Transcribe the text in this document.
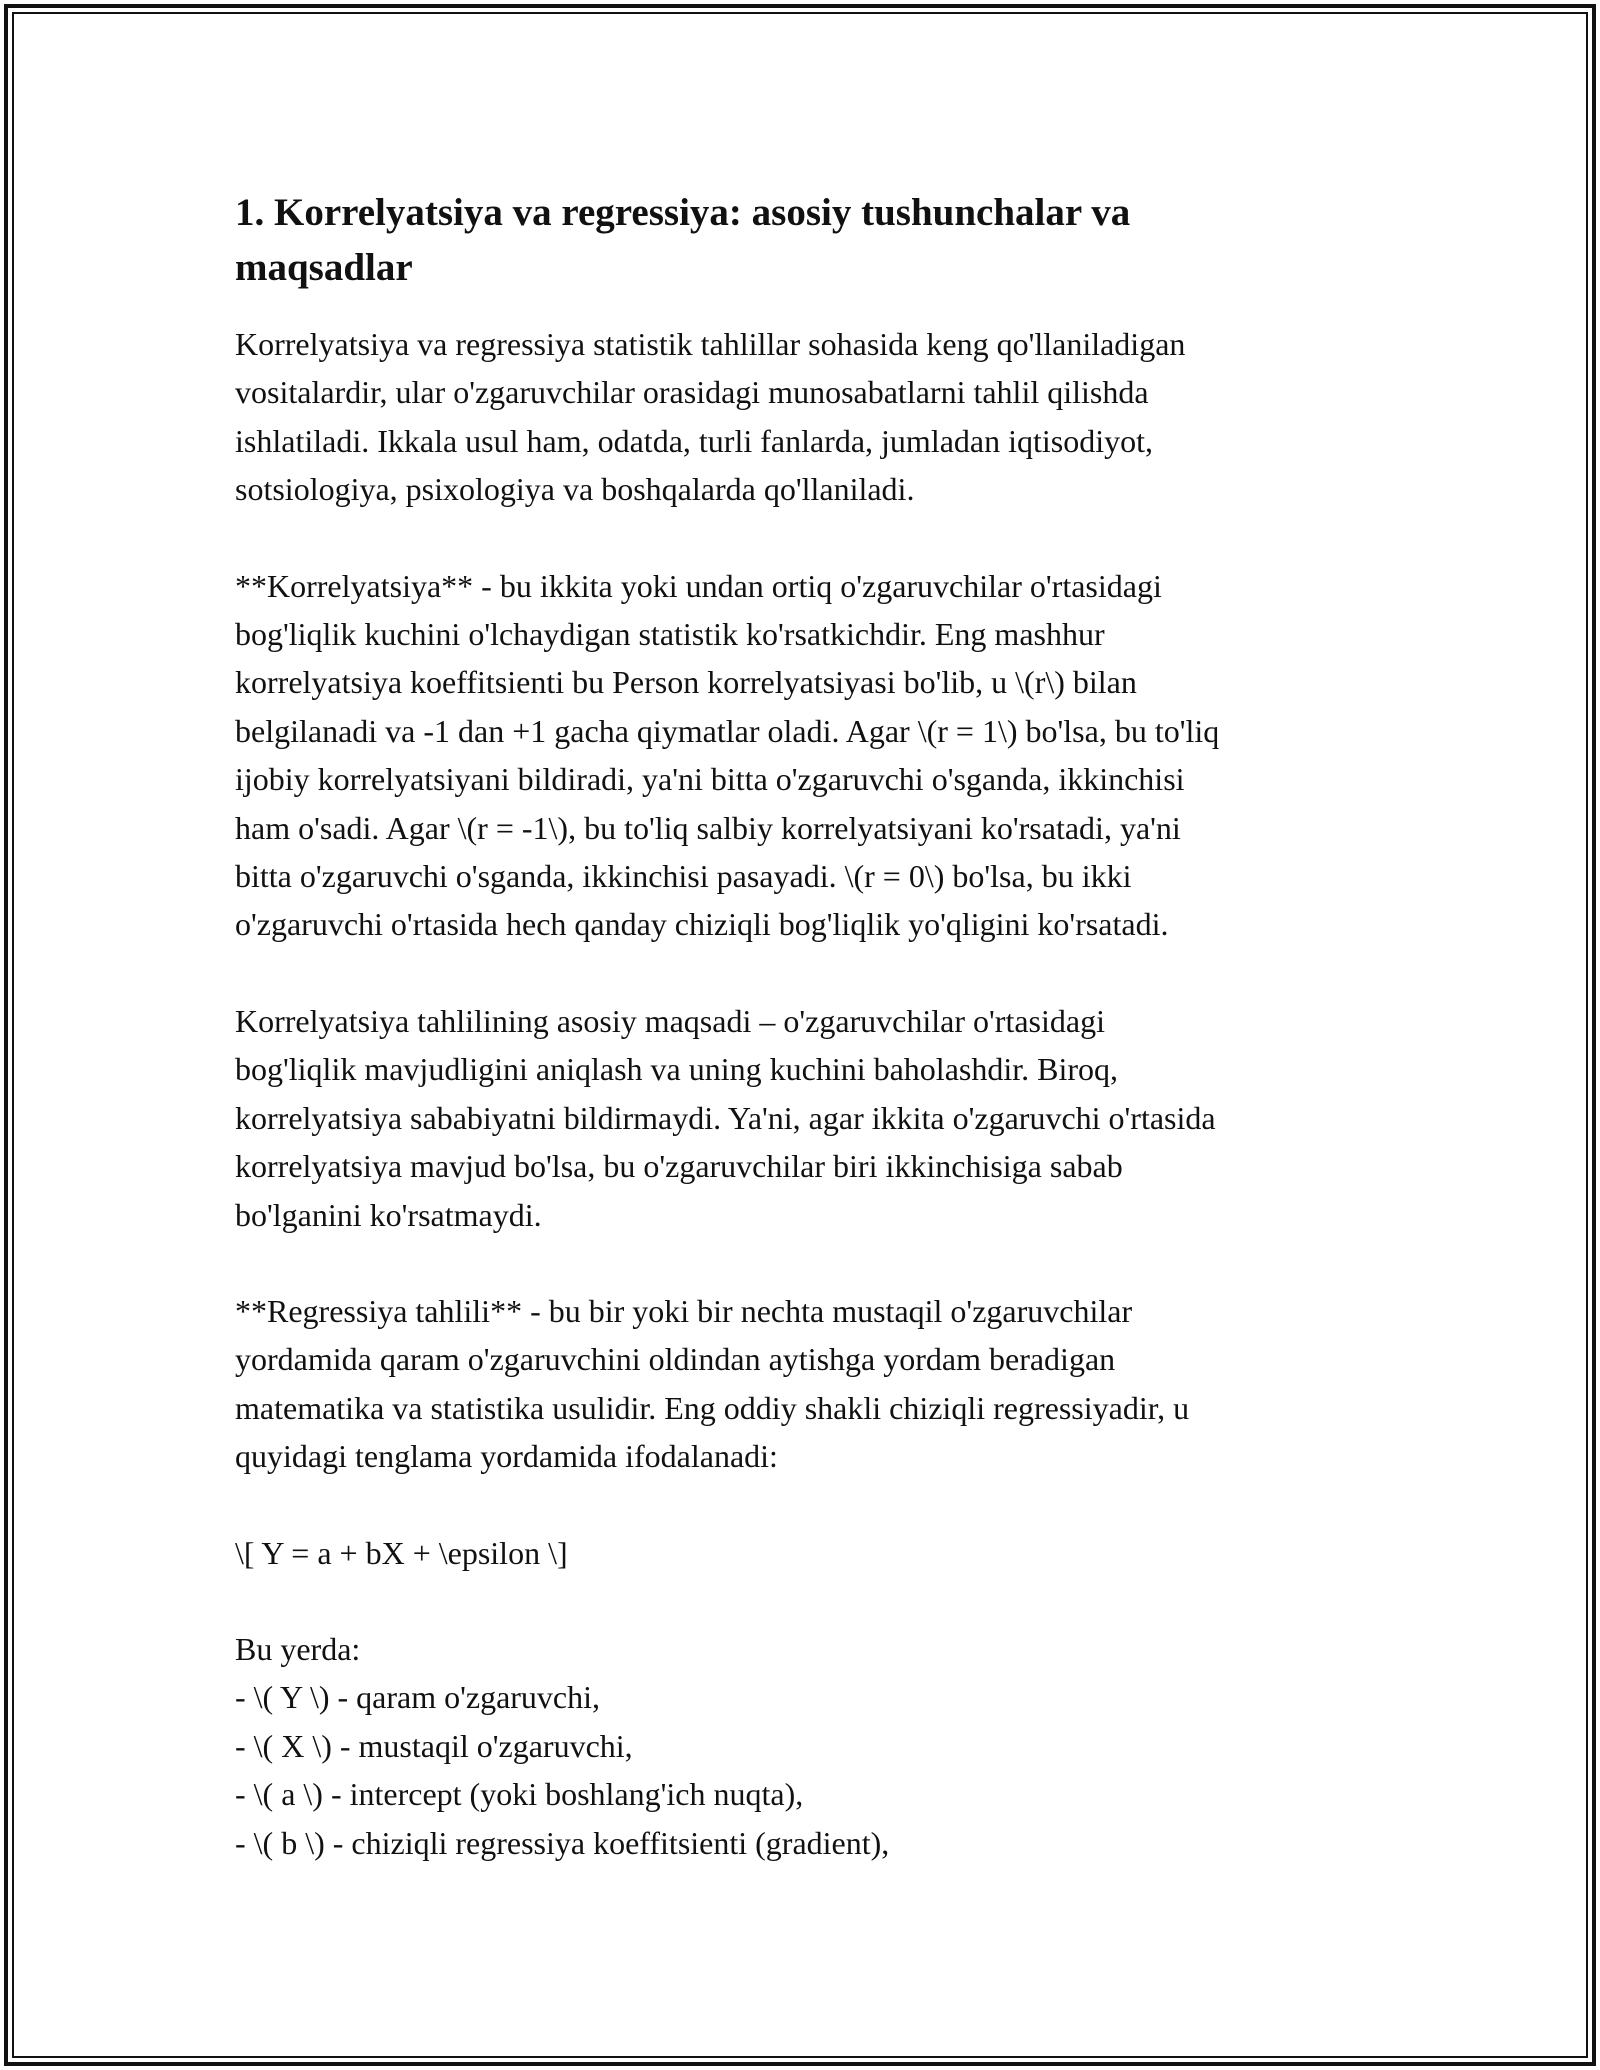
1. Korrelyatsiya va regressiya: asosiy tushunchalar va
maqsadlar
Korrelyatsiya va regressiya statistik tahlillar sohasida keng qo'llaniladigan
vositalardir, ular o'zgaruvchilar orasidagi munosabatlarni tahlil qilishda
ishlatiladi. Ikkala usul ham, odatda, turli fanlarda, jumladan iqtisodiyot,
sotsiologiya, psixologiya va boshqalarda qo'llaniladi.
**Korrelyatsiya** - bu ikkita yoki undan ortiq o'zgaruvchilar o'rtasidagi
bog'liqlik kuchini o'lchaydigan statistik ko'rsatkichdir. Eng mashhur
korrelyatsiya koeffitsienti bu Person korrelyatsiyasi bo'lib, u \(r\) bilan
belgilanadi va -1 dan +1 gacha qiymatlar oladi. Agar \(r = 1\) bo'lsa, bu to'liq
ijobiy korrelyatsiyani bildiradi, ya'ni bitta o'zgaruvchi o'sganda, ikkinchisi
ham o'sadi. Agar \(r = -1\), bu to'liq salbiy korrelyatsiyani ko'rsatadi, ya'ni
bitta o'zgaruvchi o'sganda, ikkinchisi pasayadi. \(r = 0\) bo'lsa, bu ikki
o'zgaruvchi o'rtasida hech qanday chiziqli bog'liqlik yo'qligini ko'rsatadi.
Korrelyatsiya tahlilining asosiy maqsadi – o'zgaruvchilar o'rtasidagi
bog'liqlik mavjudligini aniqlash va uning kuchini baholashdir. Biroq,
korrelyatsiya sababiyatni bildirmaydi. Ya'ni, agar ikkita o'zgaruvchi o'rtasida
korrelyatsiya mavjud bo'lsa, bu o'zgaruvchilar biri ikkinchisiga sabab
bo'lganini ko'rsatmaydi.
**Regressiya tahlili** - bu bir yoki bir nechta mustaqil o'zgaruvchilar
yordamida qaram o'zgaruvchini oldindan aytishga yordam beradigan
matematika va statistika usulidir. Eng oddiy shakli chiziqli regressiyadir, u
quyidagi tenglama yordamida ifodalanadi:
\[ Y = a + bX + \epsilon \]
Bu yerda:
- \( Y \) - qaram o'zgaruvchi,
- \( X \) - mustaqil o'zgaruvchi,
- \( a \) - intercept (yoki boshlang'ich nuqta),
- \( b \) - chiziqli regressiya koeffitsienti (gradient),
